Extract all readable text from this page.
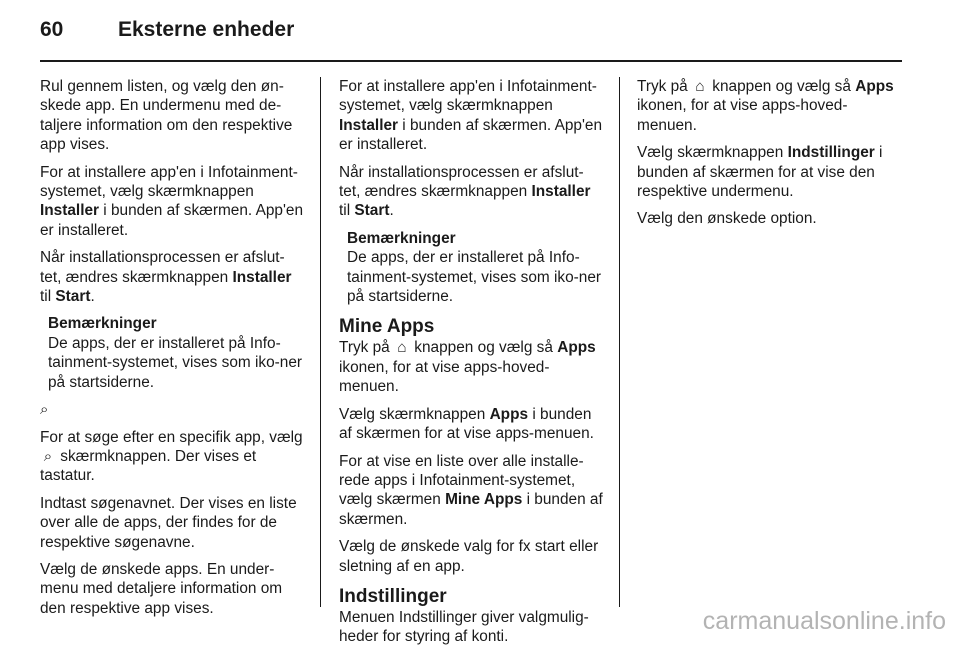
60	Eksterne enheder

Rul gennem listen, og vælg den øn-skede app. En undermenu med de-taljere information om den respektive app vises.

For at installere app'en i Infotainment-systemet, vælg skærmknappen Installer i bunden af skærmen. App'en er installeret.

Når installationsprocessen er afslut-tet, ændres skærmknappen Installer til Start.

Bemærkninger

De apps, der er installeret på Info-tainment-systemet, vises som iko-ner på startsiderne.

⌕

For at søge efter en specifik app, vælg ⌕ skærmknappen. Der vises et tastatur.

Indtast søgenavnet. Der vises en liste over alle de apps, der findes for de respektive søgenavne.

Vælg de ønskede apps. En under-menu med detaljere information om den respektive app vises.

For at installere app'en i Infotainment-systemet, vælg skærmknappen Installer i bunden af skærmen. App'en er installeret.

Når installationsprocessen er afslut-tet, ændres skærmknappen Installer til Start.

Bemærkninger

De apps, der er installeret på Info-tainment-systemet, vises som iko-ner på startsiderne.

Mine Apps

Tryk på ⌂ knappen og vælg så Apps ikonen, for at vise apps-hoved-menuen.

Vælg skærmknappen Apps i bunden af skærmen for at vise apps-menuen.

For at vise en liste over alle installe-rede apps i Infotainment-systemet, vælg skærmen Mine Apps i bunden af skærmen.

Vælg de ønskede valg for fx start eller sletning af en app.

Indstillinger

Menuen Indstillinger giver valgmulig-heder for styring af konti.

Tryk på ⌂ knappen og vælg så Apps ikonen, for at vise apps-hoved-menuen.

Vælg skærmknappen Indstillinger i bunden af skærmen for at vise den respektive undermenu.

Vælg den ønskede option.

carmanualsonline.info
